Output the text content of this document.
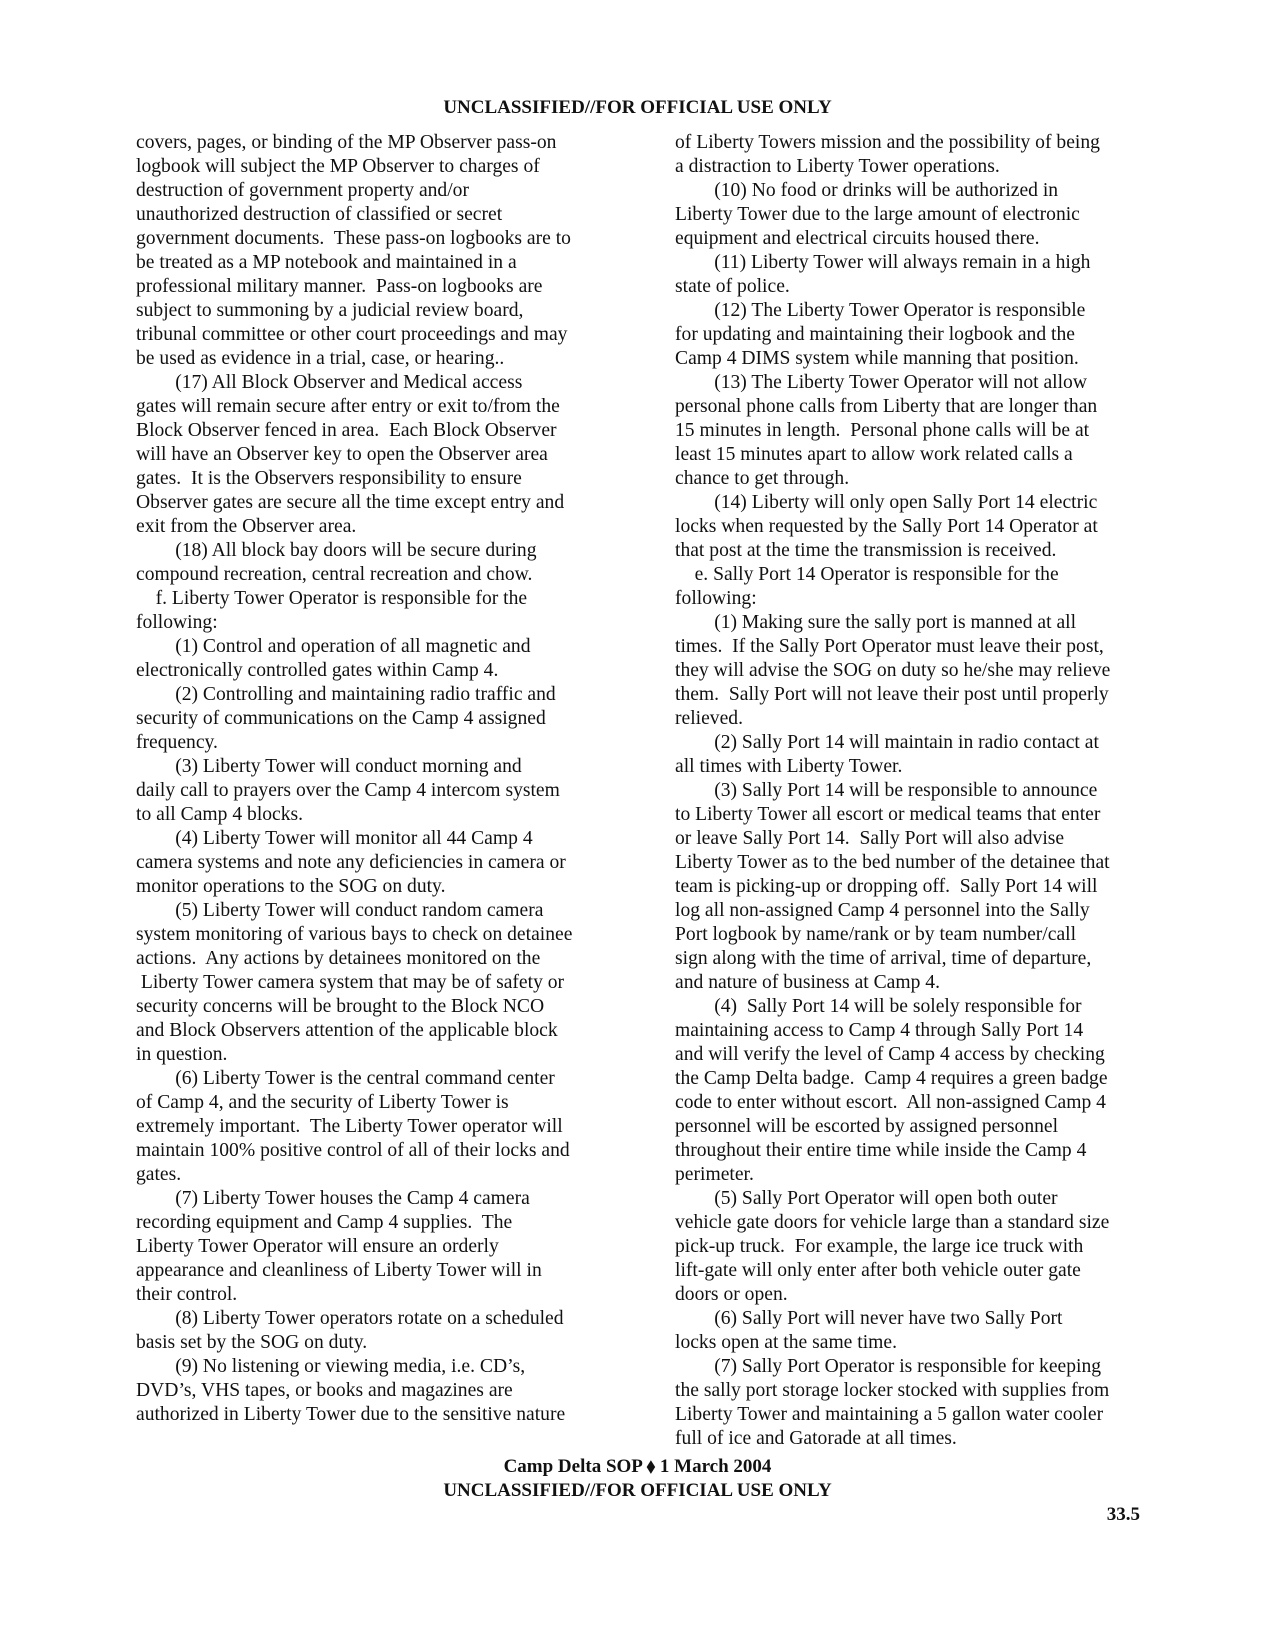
UNCLASSIFIED//FOR OFFICIAL USE ONLY
covers, pages, or binding of the MP Observer pass-on
logbook will subject the MP Observer to charges of
destruction of government property and/or
unauthorized destruction of classified or secret
government documents.  These pass-on logbooks are to
be treated as a MP notebook and maintained in a
professional military manner.  Pass-on logbooks are
subject to summoning by a judicial review board,
tribunal committee or other court proceedings and may
be used as evidence in a trial, case, or hearing..
(17) All Block Observer and Medical access
gates will remain secure after entry or exit to/from the
Block Observer fenced in area.  Each Block Observer
will have an Observer key to open the Observer area
gates.  It is the Observers responsibility to ensure
Observer gates are secure all the time except entry and
exit from the Observer area.
(18) All block bay doors will be secure during
compound recreation, central recreation and chow.
f. Liberty Tower Operator is responsible for the
following:
(1) Control and operation of all magnetic and
electronically controlled gates within Camp 4.
(2) Controlling and maintaining radio traffic and
security of communications on the Camp 4 assigned
frequency.
(3) Liberty Tower will conduct morning and
daily call to prayers over the Camp 4 intercom system
to all Camp 4 blocks.
(4) Liberty Tower will monitor all 44 Camp 4
camera systems and note any deficiencies in camera or
monitor operations to the SOG on duty.
(5) Liberty Tower will conduct random camera
system monitoring of various bays to check on detainee
actions.  Any actions by detainees monitored on the
Liberty Tower camera system that may be of safety or
security concerns will be brought to the Block NCO
and Block Observers attention of the applicable block
in question.
(6) Liberty Tower is the central command center
of Camp 4, and the security of Liberty Tower is
extremely important.  The Liberty Tower operator will
maintain 100% positive control of all of their locks and
gates.
(7) Liberty Tower houses the Camp 4 camera
recording equipment and Camp 4 supplies.  The
Liberty Tower Operator will ensure an orderly
appearance and cleanliness of Liberty Tower will in
their control.
(8) Liberty Tower operators rotate on a scheduled
basis set by the SOG on duty.
(9) No listening or viewing media, i.e. CD’s,
DVD’s, VHS tapes, or books and magazines are
authorized in Liberty Tower due to the sensitive nature
of Liberty Towers mission and the possibility of being
a distraction to Liberty Tower operations.
(10) No food or drinks will be authorized in
Liberty Tower due to the large amount of electronic
equipment and electrical circuits housed there.
(11) Liberty Tower will always remain in a high
state of police.
(12) The Liberty Tower Operator is responsible
for updating and maintaining their logbook and the
Camp 4 DIMS system while manning that position.
(13) The Liberty Tower Operator will not allow
personal phone calls from Liberty that are longer than
15 minutes in length.  Personal phone calls will be at
least 15 minutes apart to allow work related calls a
chance to get through.
(14) Liberty will only open Sally Port 14 electric
locks when requested by the Sally Port 14 Operator at
that post at the time the transmission is received.
e. Sally Port 14 Operator is responsible for the
following:
(1) Making sure the sally port is manned at all
times.  If the Sally Port Operator must leave their post,
they will advise the SOG on duty so he/she may relieve
them.  Sally Port will not leave their post until properly
relieved.
(2) Sally Port 14 will maintain in radio contact at
all times with Liberty Tower.
(3) Sally Port 14 will be responsible to announce
to Liberty Tower all escort or medical teams that enter
or leave Sally Port 14.  Sally Port will also advise
Liberty Tower as to the bed number of the detainee that
team is picking-up or dropping off.  Sally Port 14 will
log all non-assigned Camp 4 personnel into the Sally
Port logbook by name/rank or by team number/call
sign along with the time of arrival, time of departure,
and nature of business at Camp 4.
(4)  Sally Port 14 will be solely responsible for
maintaining access to Camp 4 through Sally Port 14
and will verify the level of Camp 4 access by checking
the Camp Delta badge.  Camp 4 requires a green badge
code to enter without escort.  All non-assigned Camp 4
personnel will be escorted by assigned personnel
throughout their entire time while inside the Camp 4
perimeter.
(5) Sally Port Operator will open both outer
vehicle gate doors for vehicle large than a standard size
pick-up truck.  For example, the large ice truck with
lift-gate will only enter after both vehicle outer gate
doors or open.
(6) Sally Port will never have two Sally Port
locks open at the same time.
(7) Sally Port Operator is responsible for keeping
the sally port storage locker stocked with supplies from
Liberty Tower and maintaining a 5 gallon water cooler
full of ice and Gatorade at all times.
Camp Delta SOP ⬧ 1 March 2004
UNCLASSIFIED//FOR OFFICIAL USE ONLY
33.5
